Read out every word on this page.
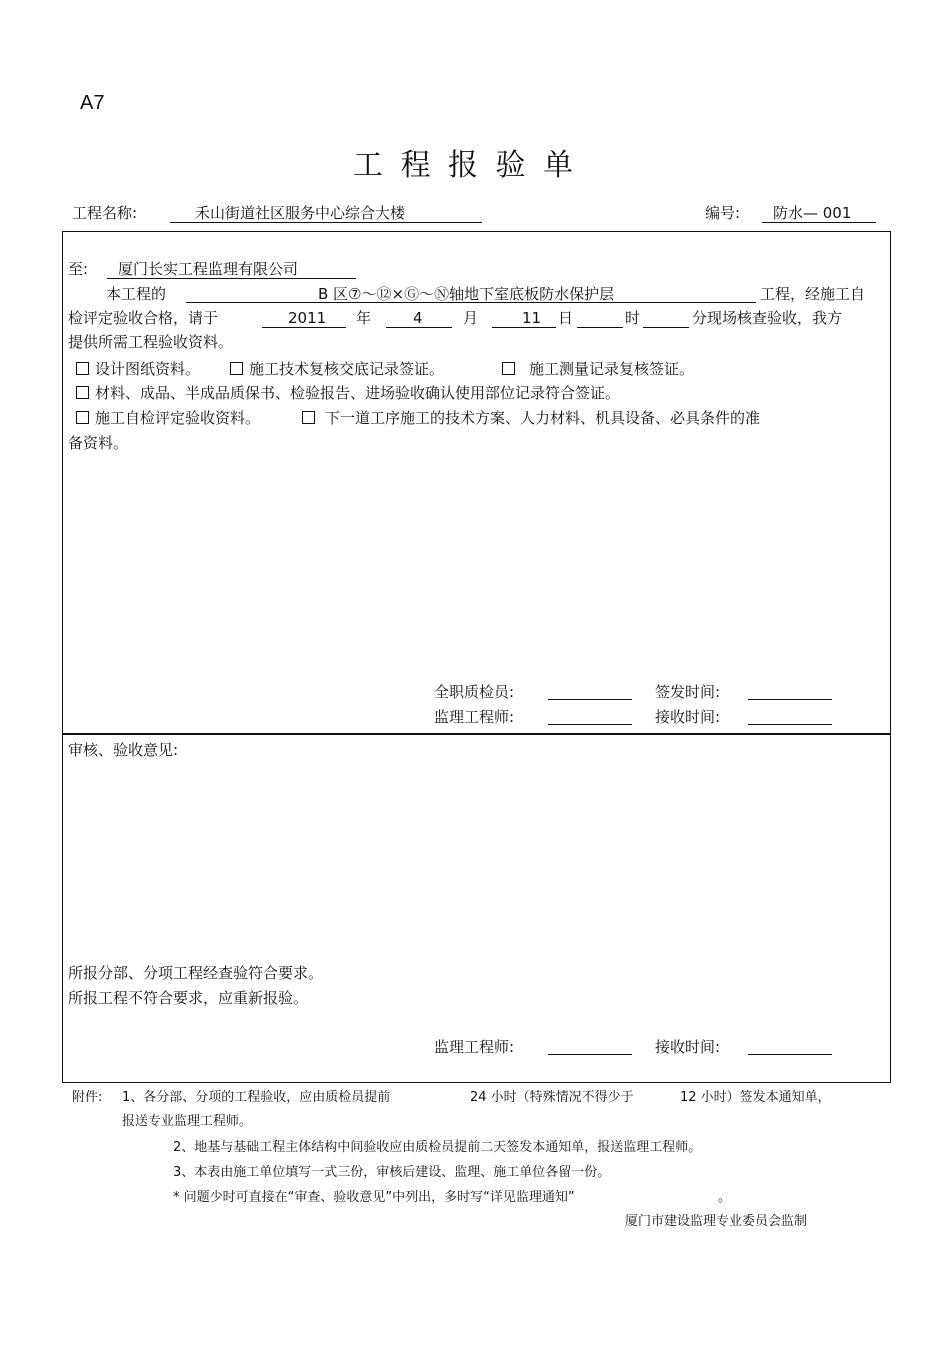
A7
工 程 报 验 单
工程名称:	禾山街道社区服务中心综合大楼	编号: 防水— 001
至: 厦门长实工程监理有限公司
本工程的	B 区⑦～⑫×Ⓖ～Ⓝ轴地下室底板防水保护层	工程，经施工自
检评定验收合格，请于	2011 年	4	月	11 日	时	分现场核查验收，我方
提供所需工程验收资料。
设计图纸资料。	施工技术复核交底记录签证。	施工测量记录复核签证。
材料、成品、半成品质保书、检验报告、进场验收确认使用部位记录符合签证。
施工自检评定验收资料。	下一道工序施工的技术方案、人力材料、机具设备、必具条件的准
备资料。
全职质检员:	签发时间:
监理工程师:	接收时间:
审核、验收意见:
所报分部、分项工程经查验符合要求。
所报工程不符合要求，应重新报验。
监理工程师:	接收时间:
附件: 1、各分部、分项的工程验收，应由质检员提前	24 小时（特殊情况不得少于	12 小时）签发本通知单，
报送专业监理工程师。
2、地基与基础工程主体结构中间验收应由质检员提前二天签发本通知单，报送监理工程师。
3、本表由施工单位填写一式三份，审核后建设、监理、施工单位各留一份。
* 问题少时可直接在“审查、验收意见”中列出，多时写“详见监理通知”	。
厦门市建设监理专业委员会监制
